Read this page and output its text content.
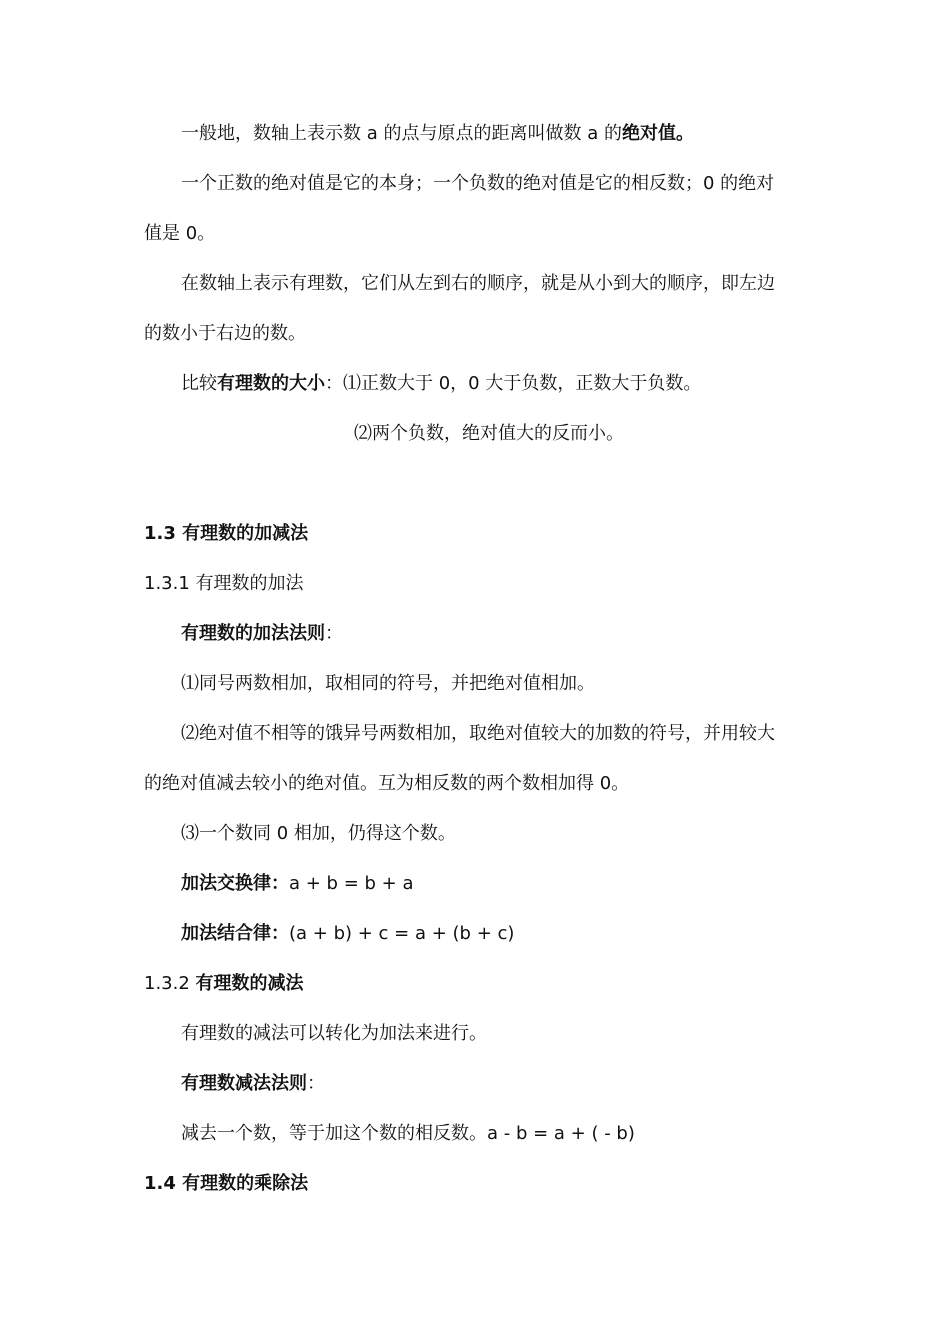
一般地，数轴上表示数 a 的点与原点的距离叫做数 a 的绝对值。
一个正数的绝对值是它的本身；一个负数的绝对值是它的相反数；0 的绝对
值是 0。
在数轴上表示有理数，它们从左到右的顺序，就是从小到大的顺序，即左边
的数小于右边的数。
比较有理数的大小：⑴正数大于 0，0 大于负数，正数大于负数。
⑵两个负数，绝对值大的反而小。
1.3 有理数的加减法
1.3.1 有理数的加法
有理数的加法法则：
⑴同号两数相加，取相同的符号，并把绝对值相加。
⑵绝对值不相等的饿异号两数相加，取绝对值较大的加数的符号，并用较大
的绝对值减去较小的绝对值。互为相反数的两个数相加得 0。
⑶一个数同 0 相加，仍得这个数。
加法交换律：a + b = b + a
加法结合律：(a + b) + c = a + (b + c)
1.3.2 有理数的减法
有理数的减法可以转化为加法来进行。
有理数减法法则：
减去一个数，等于加这个数的相反数。a - b = a + ( - b)
1.4 有理数的乘除法
